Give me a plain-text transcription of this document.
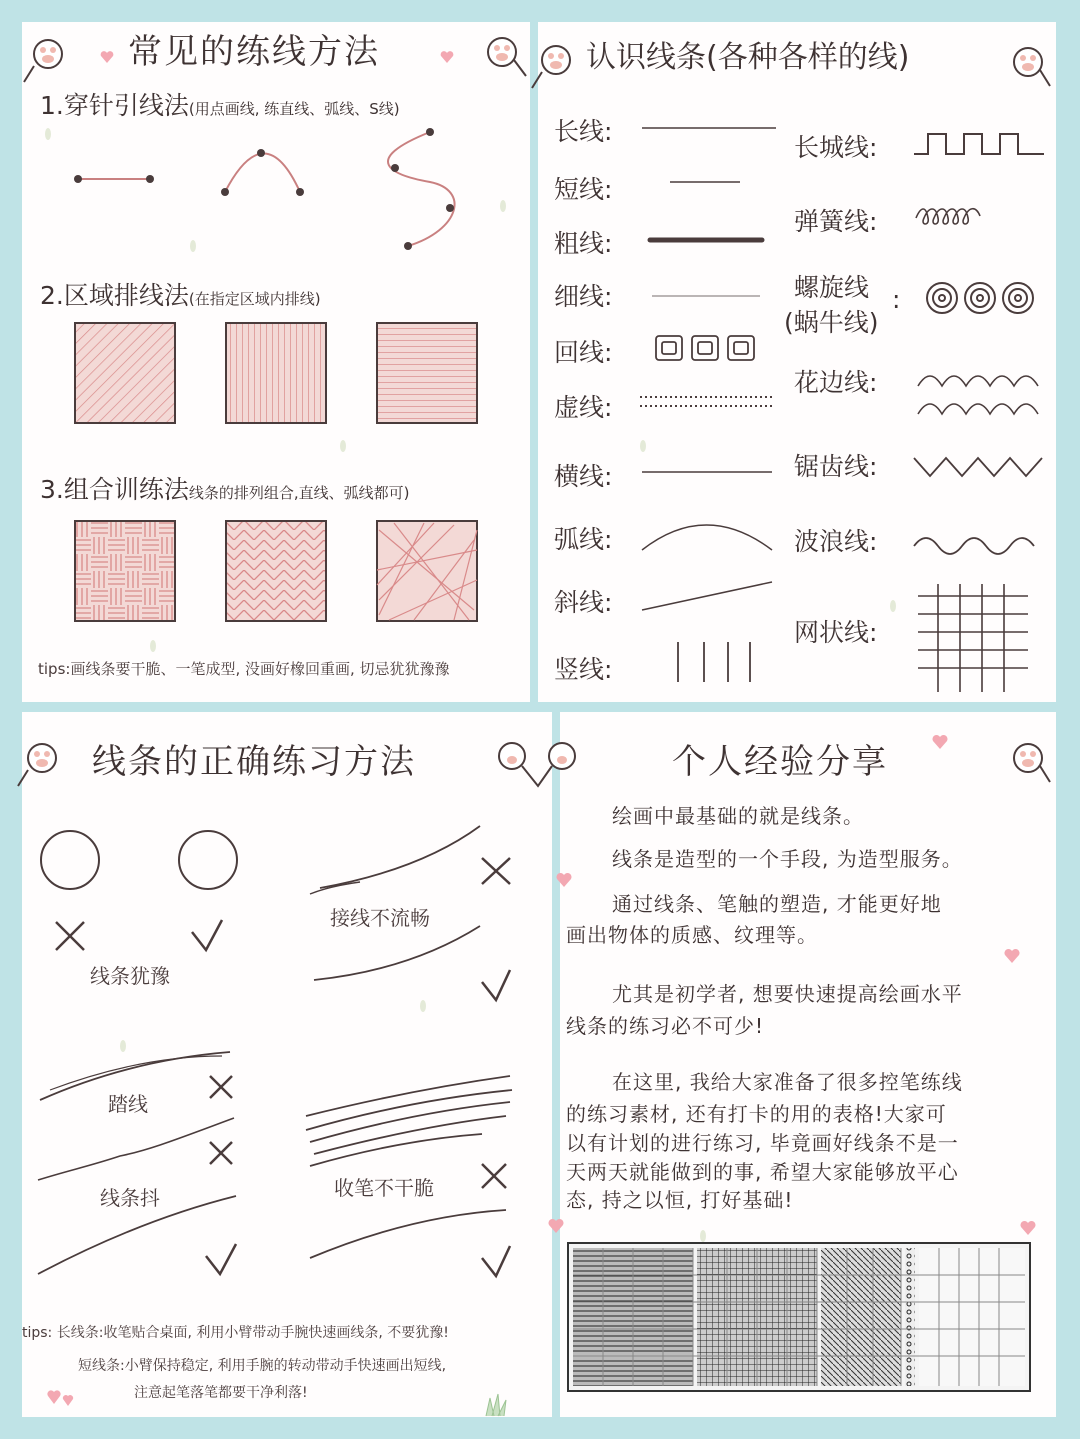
常见的练线方法
1.穿针引线法(用点画线, 练直线、弧线、S线)
2.区域排线法(在指定区域内排线)
3.组合训练法线条的排列组合,直线、弧线都可)
tips:画线条要干脆、一笔成型, 没画好橡回重画, 切忌犹犹豫豫
认识线条(各种各样的线)
长线:
短线:
粗线:
细线:
回线:
虚线:
横线:
弧线:
斜线:
竖线:
长城线:
弹簧线:
螺旋线
(蜗牛线)
:
花边线:
锯齿线:
波浪线:
网状线:
线条的正确练习方法
线条犹豫
接线不流畅
踏线
线条抖	收笔不干脆
tips: 长线条:收笔贴合桌面, 利用小臂带动手腕快速画线条, 不要犹豫!
短线条:小臂保持稳定, 利用手腕的转动带动手快速画出短线,
注意起笔落笔都要干净利落!
个人经验分享
绘画中最基础的就是线条。
线条是造型的一个手段, 为造型服务。
通过线条、笔触的塑造, 才能更好地
画出物体的质感、纹理等。
尤其是初学者, 想要快速提高绘画水平
线条的练习必不可少!
在这里, 我给大家准备了很多控笔练线
的练习素材, 还有打卡的用的表格!大家可
以有计划的进行练习, 毕竟画好线条不是一
天两天就能做到的事, 希望大家能够放平心
态, 持之以恒, 打好基础!
